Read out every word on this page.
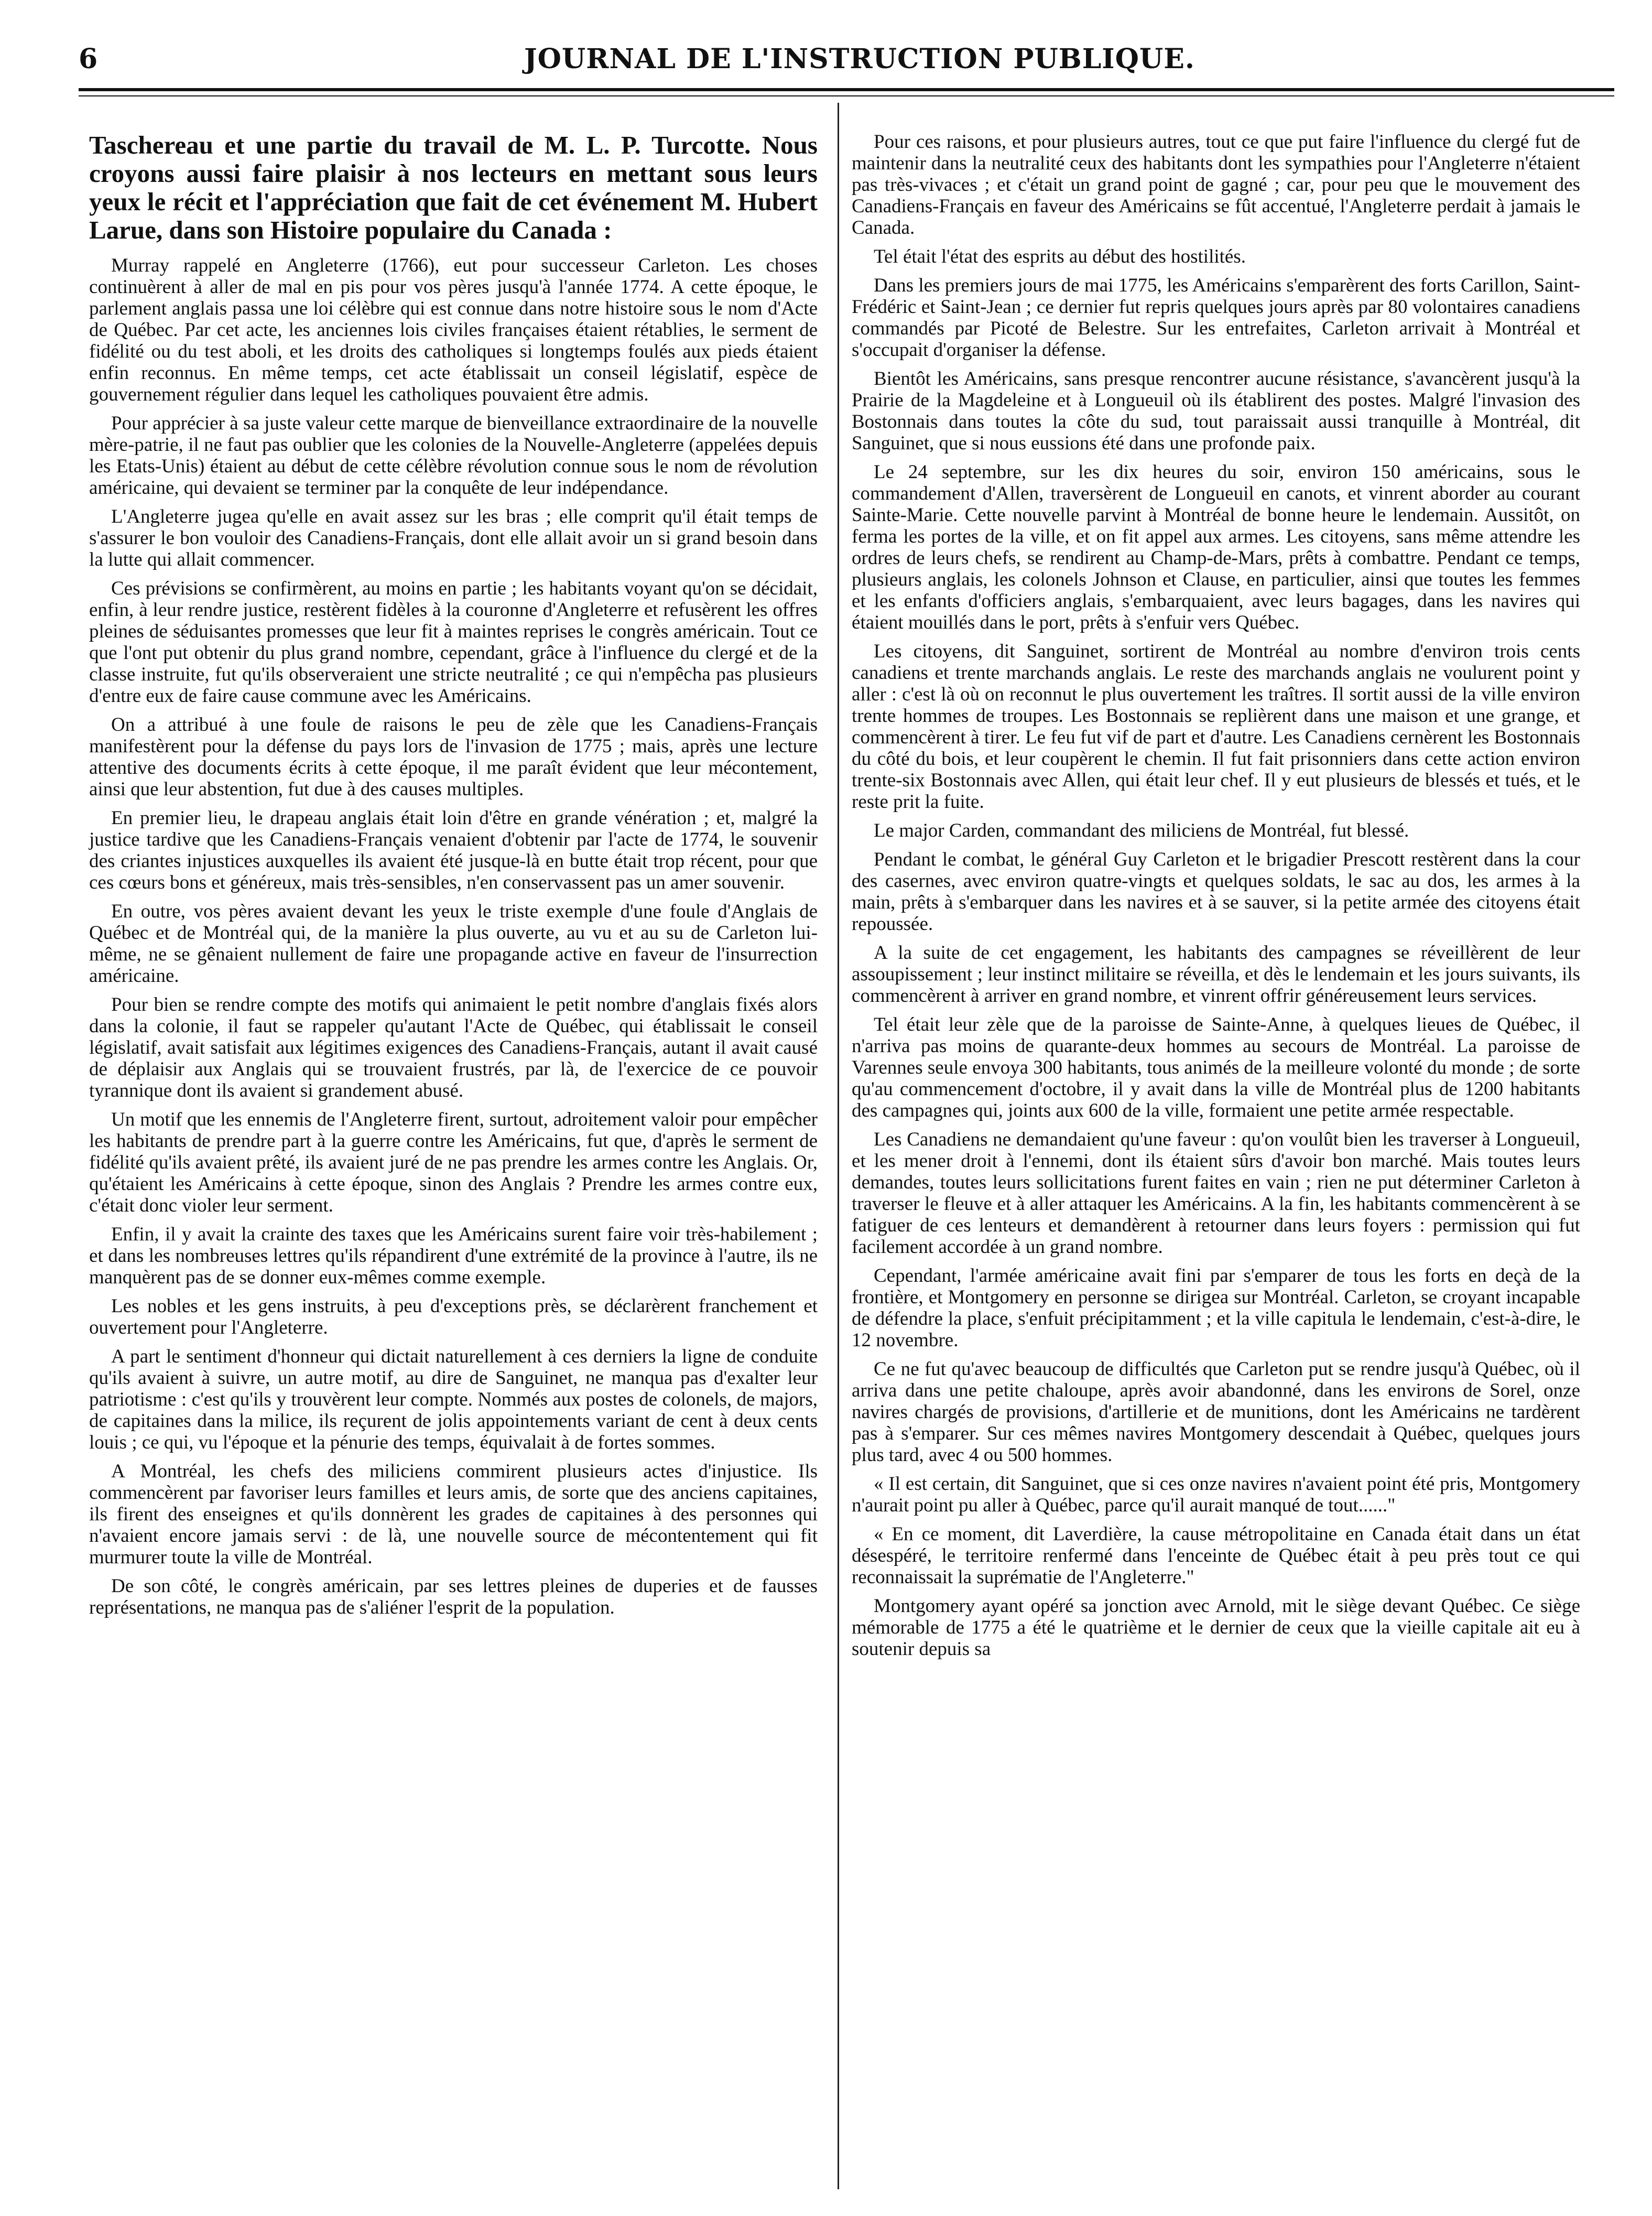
6	JOURNAL DE L'INSTRUCTION PUBLIQUE.

Taschereau et une partie du travail de M. L. P. Turcotte. Nous croyons aussi faire plaisir à nos lecteurs en mettant sous leurs yeux le récit et l'appréciation que fait de cet événement M. Hubert Larue, dans son Histoire populaire du Canada :

Murray rappelé en Angleterre (1766), eut pour successeur Carleton. Les choses continuèrent à aller de mal en pis pour vos pères jusqu'à l'année 1774. A cette époque, le parlement anglais passa une loi célèbre qui est connue dans notre histoire sous le nom d'Acte de Québec. Par cet acte, les anciennes lois civiles françaises étaient rétablies, le serment de fidélité ou du test aboli, et les droits des catholiques si longtemps foulés aux pieds étaient enfin reconnus. En même temps, cet acte établissait un conseil législatif, espèce de gouvernement régulier dans lequel les catholiques pouvaient être admis.

Pour apprécier à sa juste valeur cette marque de bienveillance extraordinaire de la nouvelle mère-patrie, il ne faut pas oublier que les colonies de la Nouvelle-Angleterre (appelées depuis les Etats-Unis) étaient au début de cette célèbre révolution connue sous le nom de révolution américaine, qui devaient se terminer par la conquête de leur indépendance.

L'Angleterre jugea qu'elle en avait assez sur les bras ; elle comprit qu'il était temps de s'assurer le bon vouloir des Canadiens-Français, dont elle allait avoir un si grand besoin dans la lutte qui allait commencer.

Ces prévisions se confirmèrent, au moins en partie ; les habitants voyant qu'on se décidait, enfin, à leur rendre justice, restèrent fidèles à la couronne d'Angleterre et refusèrent les offres pleines de séduisantes promesses que leur fit à maintes reprises le congrès américain. Tout ce que l'ont put obtenir du plus grand nombre, cependant, grâce à l'influence du clergé et de la classe instruite, fut qu'ils observeraient une stricte neutralité ; ce qui n'empêcha pas plusieurs d'entre eux de faire cause commune avec les Américains.

On a attribué à une foule de raisons le peu de zèle que les Canadiens-Français manifestèrent pour la défense du pays lors de l'invasion de 1775 ; mais, après une lecture attentive des documents écrits à cette époque, il me paraît évident que leur mécontement, ainsi que leur abstention, fut due à des causes multiples.

En premier lieu, le drapeau anglais était loin d'être en grande vénération ; et, malgré la justice tardive que les Canadiens-Français venaient d'obtenir par l'acte de 1774, le souvenir des criantes injustices auxquelles ils avaient été jusque-là en butte était trop récent, pour que ces cœurs bons et généreux, mais très-sensibles, n'en conservassent pas un amer souvenir.

En outre, vos pères avaient devant les yeux le triste exemple d'une foule d'Anglais de Québec et de Montréal qui, de la manière la plus ouverte, au vu et au su de Carleton lui-même, ne se gênaient nullement de faire une propagande active en faveur de l'insurrection américaine.

Pour bien se rendre compte des motifs qui animaient le petit nombre d'anglais fixés alors dans la colonie, il faut se rappeler qu'autant l'Acte de Québec, qui établissait le conseil législatif, avait satisfait aux légitimes exigences des Canadiens-Français, autant il avait causé de déplaisir aux Anglais qui se trouvaient frustrés, par là, de l'exercice de ce pouvoir tyrannique dont ils avaient si grandement abusé.

Un motif que les ennemis de l'Angleterre firent, surtout, adroitement valoir pour empêcher les habitants de prendre part à la guerre contre les Américains, fut que, d'après le serment de fidélité qu'ils avaient prêté, ils avaient juré de ne pas prendre les armes contre les Anglais. Or, qu'étaient les Américains à cette époque, sinon des Anglais ? Prendre les armes contre eux, c'était donc violer leur serment.

Enfin, il y avait la crainte des taxes que les Américains surent faire voir très-habilement ; et dans les nombreuses lettres qu'ils répandirent d'une extrémité de la province à l'autre, ils ne manquèrent pas de se donner eux-mêmes comme exemple.

Les nobles et les gens instruits, à peu d'exceptions près, se déclarèrent franchement et ouvertement pour l'Angleterre.

A part le sentiment d'honneur qui dictait naturellement à ces derniers la ligne de conduite qu'ils avaient à suivre, un autre motif, au dire de Sanguinet, ne manqua pas d'exalter leur patriotisme : c'est qu'ils y trouvèrent leur compte. Nommés aux postes de colonels, de majors, de capitaines dans la milice, ils reçurent de jolis appointements variant de cent à deux cents louis ; ce qui, vu l'époque et la pénurie des temps, équivalait à de fortes sommes.

A Montréal, les chefs des miliciens commirent plusieurs actes d'injustice. Ils commencèrent par favoriser leurs familles et leurs amis, de sorte que des anciens capitaines, ils firent des enseignes et qu'ils donnèrent les grades de capitaines à des personnes qui n'avaient encore jamais servi : de là, une nouvelle source de mécontentement qui fit murmurer toute la ville de Montréal.

De son côté, le congrès américain, par ses lettres pleines de duperies et de fausses représentations, ne manqua pas de s'aliéner l'esprit de la population.

Pour ces raisons, et pour plusieurs autres, tout ce que put faire l'influence du clergé fut de maintenir dans la neutralité ceux des habitants dont les sympathies pour l'Angleterre n'étaient pas très-vivaces ; et c'était un grand point de gagné ; car, pour peu que le mouvement des Canadiens-Français en faveur des Américains se fût accentué, l'Angleterre perdait à jamais le Canada.

Tel était l'état des esprits au début des hostilités.

Dans les premiers jours de mai 1775, les Américains s'emparèrent des forts Carillon, Saint-Frédéric et Saint-Jean ; ce dernier fut repris quelques jours après par 80 volontaires canadiens commandés par Picoté de Belestre. Sur les entrefaites, Carleton arrivait à Montréal et s'occupait d'organiser la défense.

Bientôt les Américains, sans presque rencontrer aucune résistance, s'avancèrent jusqu'à la Prairie de la Magdeleine et à Longueuil où ils établirent des postes. Malgré l'invasion des Bostonnais dans toutes la côte du sud, tout paraissait aussi tranquille à Montréal, dit Sanguinet, que si nous eussions été dans une profonde paix.

Le 24 septembre, sur les dix heures du soir, environ 150 américains, sous le commandement d'Allen, traversèrent de Longueuil en canots, et vinrent aborder au courant Sainte-Marie. Cette nouvelle parvint à Montréal de bonne heure le lendemain. Aussitôt, on ferma les portes de la ville, et on fit appel aux armes. Les citoyens, sans même attendre les ordres de leurs chefs, se rendirent au Champ-de-Mars, prêts à combattre. Pendant ce temps, plusieurs anglais, les colonels Johnson et Clause, en particulier, ainsi que toutes les femmes et les enfants d'officiers anglais, s'embarquaient, avec leurs bagages, dans les navires qui étaient mouillés dans le port, prêts à s'enfuir vers Québec.

Les citoyens, dit Sanguinet, sortirent de Montréal au nombre d'environ trois cents canadiens et trente marchands anglais. Le reste des marchands anglais ne voulurent point y aller : c'est là où on reconnut le plus ouvertement les traîtres. Il sortit aussi de la ville environ trente hommes de troupes. Les Bostonnais se replièrent dans une maison et une grange, et commencèrent à tirer. Le feu fut vif de part et d'autre. Les Canadiens cernèrent les Bostonnais du côté du bois, et leur coupèrent le chemin. Il fut fait prisonniers dans cette action environ trente-six Bostonnais avec Allen, qui était leur chef. Il y eut plusieurs de blessés et tués, et le reste prit la fuite.

Le major Carden, commandant des miliciens de Montréal, fut blessé.

Pendant le combat, le général Guy Carleton et le brigadier Prescott restèrent dans la cour des casernes, avec environ quatre-vingts et quelques soldats, le sac au dos, les armes à la main, prêts à s'embarquer dans les navires et à se sauver, si la petite armée des citoyens était repoussée.

A la suite de cet engagement, les habitants des campagnes se réveillèrent de leur assoupissement ; leur instinct militaire se réveilla, et dès le lendemain et les jours suivants, ils commencèrent à arriver en grand nombre, et vinrent offrir généreusement leurs services.

Tel était leur zèle que de la paroisse de Sainte-Anne, à quelques lieues de Québec, il n'arriva pas moins de quarante-deux hommes au secours de Montréal. La paroisse de Varennes seule envoya 300 habitants, tous animés de la meilleure volonté du monde ; de sorte qu'au commencement d'octobre, il y avait dans la ville de Montréal plus de 1200 habitants des campagnes qui, joints aux 600 de la ville, formaient une petite armée respectable.

Les Canadiens ne demandaient qu'une faveur : qu'on voulût bien les traverser à Longueuil, et les mener droit à l'ennemi, dont ils étaient sûrs d'avoir bon marché. Mais toutes leurs demandes, toutes leurs sollicitations furent faites en vain ; rien ne put déterminer Carleton à traverser le fleuve et à aller attaquer les Américains. A la fin, les habitants commencèrent à se fatiguer de ces lenteurs et demandèrent à retourner dans leurs foyers : permission qui fut facilement accordée à un grand nombre.

Cependant, l'armée américaine avait fini par s'emparer de tous les forts en deçà de la frontière, et Montgomery en personne se dirigea sur Montréal. Carleton, se croyant incapable de défendre la place, s'enfuit précipitamment ; et la ville capitula le lendemain, c'est-à-dire, le 12 novembre.

Ce ne fut qu'avec beaucoup de difficultés que Carleton put se rendre jusqu'à Québec, où il arriva dans une petite chaloupe, après avoir abandonné, dans les environs de Sorel, onze navires chargés de provisions, d'artillerie et de munitions, dont les Américains ne tardèrent pas à s'emparer. Sur ces mêmes navires Montgomery descendait à Québec, quelques jours plus tard, avec 4 ou 500 hommes.

« Il est certain, dit Sanguinet, que si ces onze navires n'avaient point été pris, Montgomery n'aurait point pu aller à Québec, parce qu'il aurait manqué de tout......"

« En ce moment, dit Laverdière, la cause métropolitaine en Canada était dans un état désespéré, le territoire renfermé dans l'enceinte de Québec était à peu près tout ce qui reconnaissait la suprématie de l'Angleterre."

Montgomery ayant opéré sa jonction avec Arnold, mit le siège devant Québec. Ce siège mémorable de 1775 a été le quatrième et le dernier de ceux que la vieille capitale ait eu à soutenir depuis sa
